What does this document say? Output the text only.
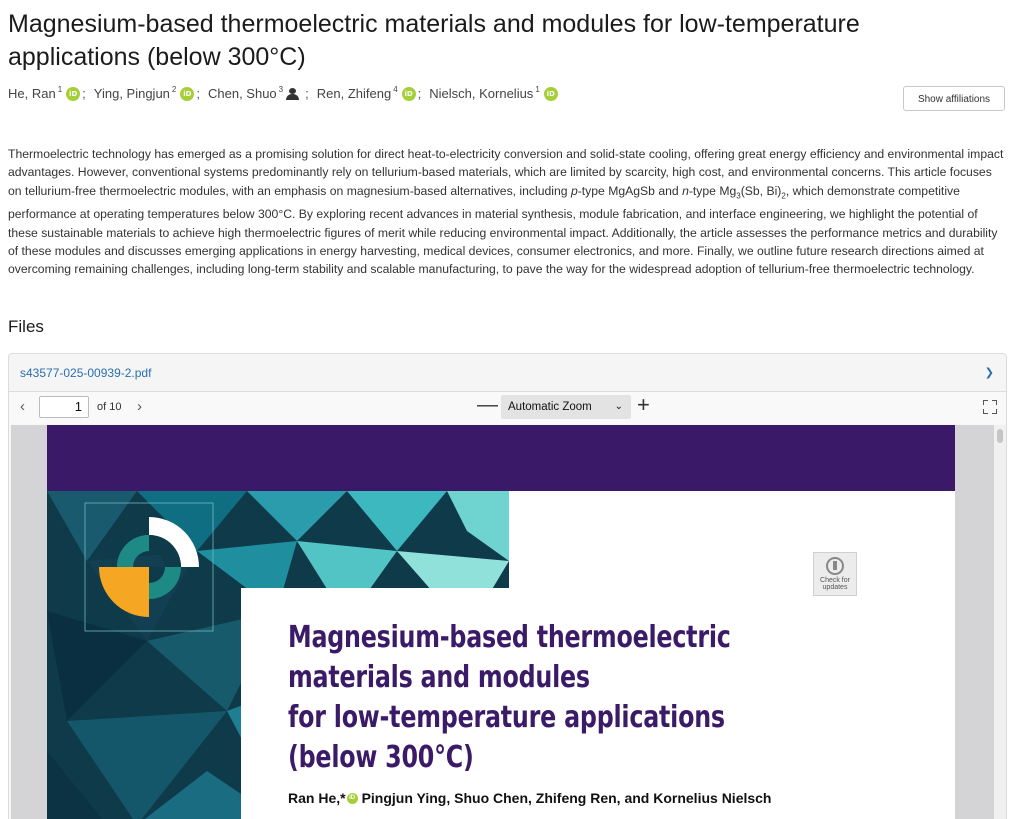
Magnesium-based thermoelectric materials and modules for low-temperature applications (below 300°C)
He, Ran $^1$ iD ; Ying, Pingjun $^2$ iD ; Chen, Shuo $^3$ ; Ren, Zhifeng $^4$ iD ; Nielsch, Kornelius $^1$ iD
Show affiliations

Thermoelectric technology has emerged as a promising solution for direct heat-to-electricity conversion and solid-state cooling, offering great energy efficiency and environmental impact advantages. However, conventional systems predominantly rely on tellurium-based materials, which are limited by scarcity, high cost, and environmental concerns. This article focuses on tellurium-free thermoelectric modules, with an emphasis on magnesium-based alternatives, including p-type MgAgSb and n-type $Mg_3(Sb$, $Bi)_2$, which demonstrate competitive performance at operating temperatures below 300°C. By exploring recent advances in material synthesis, module fabrication, and interface engineering, we highlight the potential of these sustainable materials to achieve high thermoelectric figures of merit while reducing environmental impact. Additionally, the article assesses the performance metrics and durability of these modules and discusses emerging applications in energy harvesting, medical devices, consumer electronics, and more. Finally, we outline future research directions aimed at overcoming remaining challenges, including long-term stability and scalable manufacturing, to pave the way for the widespread adoption of tellurium-free thermoelectric technology.

Files
s43577-025-00939-2.pdf	❯
‹	1	of 10 ›	— Automatic Zoom ⌄ +
Check for updates
Magnesium-based thermoelectric
materials and modules
for low-temperature applications
(below 300°C)
Ran He,* iD Pingjun Ying, Shuo Chen, Zhifeng Ren, and Kornelius Nielsch
